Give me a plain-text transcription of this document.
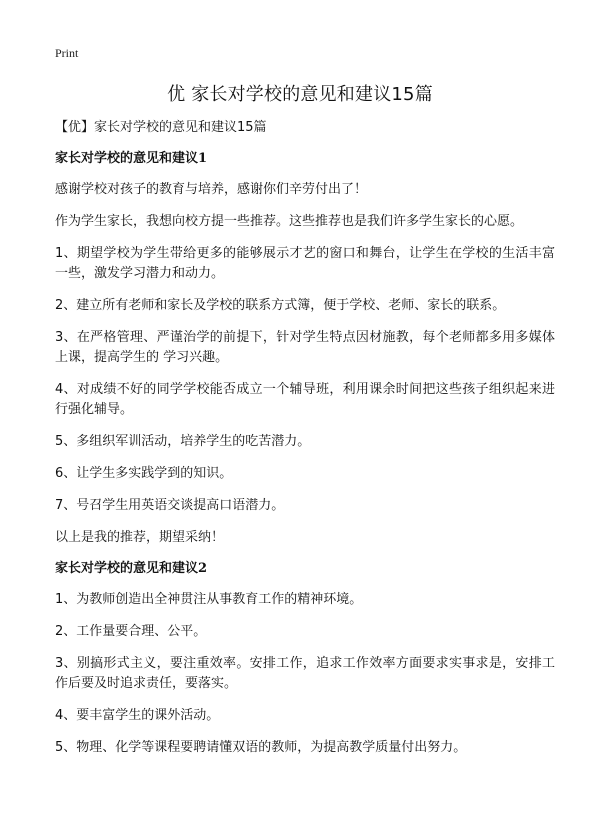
Print
优 家长对学校的意见和建议15篇
【优】家长对学校的意见和建议15篇
家长对学校的意见和建议1

感谢学校对孩子的教育与培养，感谢你们辛劳付出了！

作为学生家长，我想向校方提一些推荐。这些推荐也是我们许多学生家长的心愿。

1、期望学校为学生带给更多的能够展示才艺的窗口和舞台，让学生在学校的生活丰富一些，激发学习潜力和动力。

2、建立所有老师和家长及学校的联系方式簿，便于学校、老师、家长的联系。

3、在严格管理、严谨治学的前提下，针对学生特点因材施教，每个老师都多用多媒体上课，提高学生的 学习兴趣。

4、对成绩不好的同学学校能否成立一个辅导班，利用课余时间把这些孩子组织起来进行强化辅导。

5、多组织军训活动，培养学生的吃苦潜力。

6、让学生多实践学到的知识。

7、号召学生用英语交谈提高口语潜力。

以上是我的推荐，期望采纳！

家长对学校的意见和建议2

1、为教师创造出全神贯注从事教育工作的精神环境。

2、工作量要合理、公平。

3、别搞形式主义，要注重效率。安排工作，追求工作效率方面要求实事求是，安排工作后要及时追求责任，要落实。

4、要丰富学生的课外活动。

5、物理、化学等课程要聘请懂双语的教师，为提高教学质量付出努力。
